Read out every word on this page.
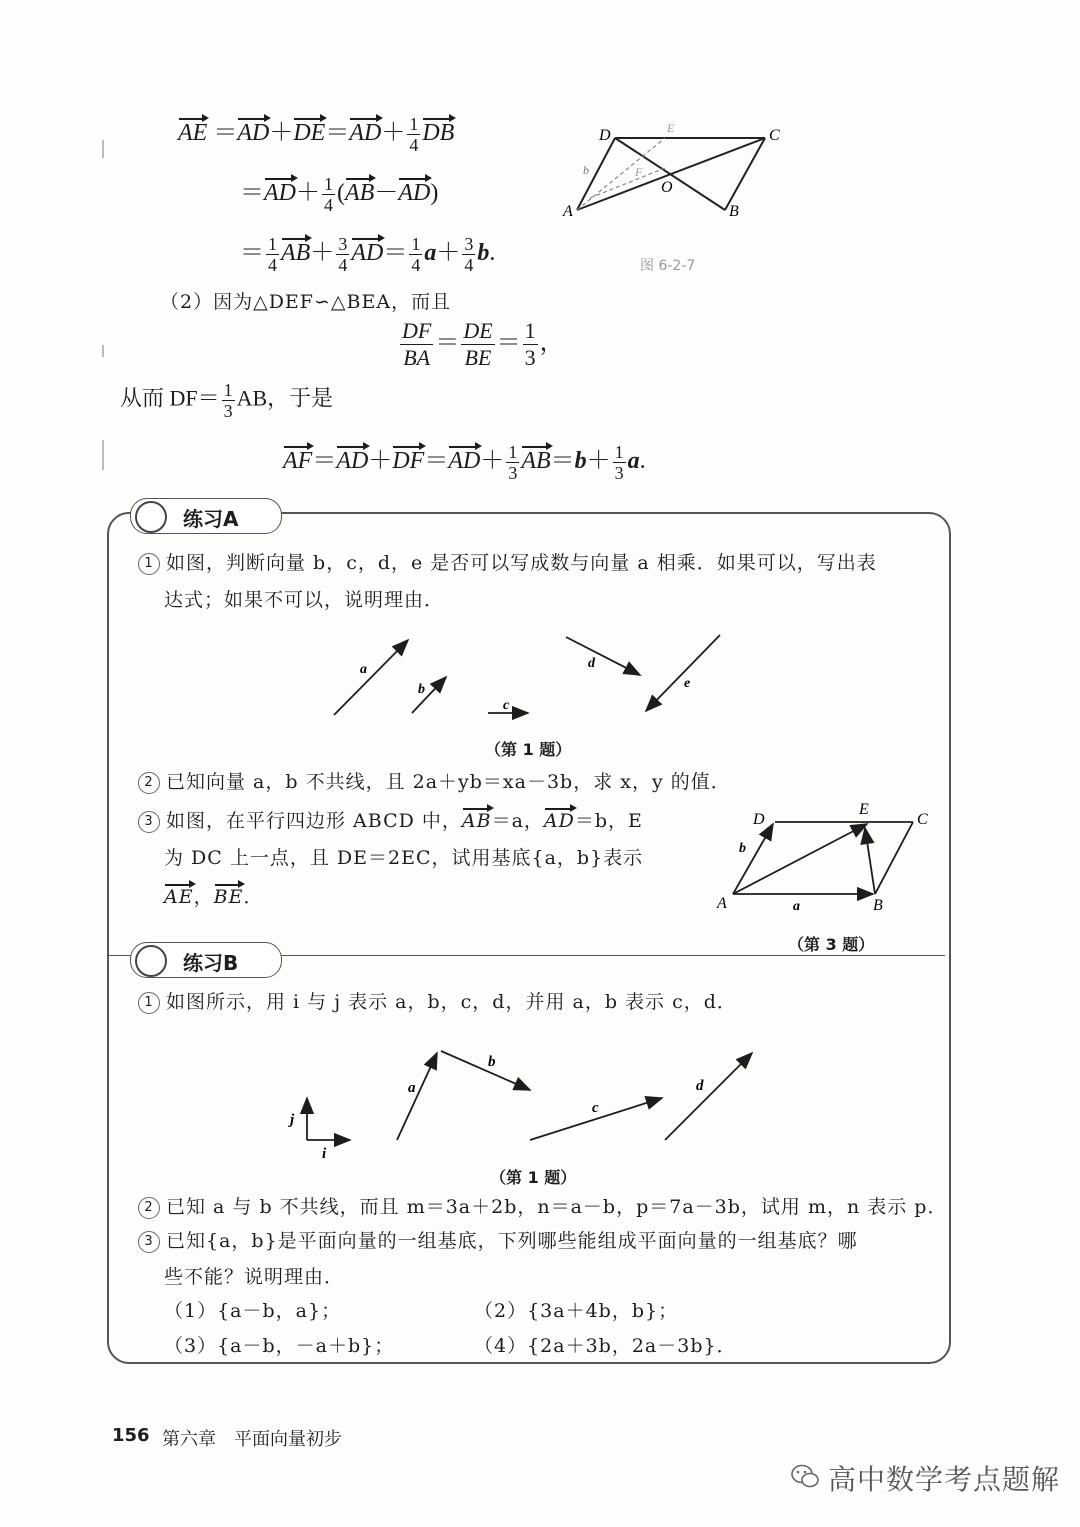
AE $=AD+DE=AD+ \frac{1}{4}$ DB
$=AD+ \frac{1}{4} (AB-AD)$
＝ $\frac{1}{4} AB+ \frac{3}{4} AD= \frac{1}{4} a+ \frac{3}{4} b$.
（2）因为△DEF∽△BEA，而且
$\frac{DF}{BA} = \frac{DE}{BE} = \frac{1}{3}$ ，
从而 $DF= \frac{1}{3}$ AB，于是
$AF=AD+DF=AD+ \frac{1}{3} AB=b+ \frac{1}{3} a$.
D	C
A	B
O
b
E
F
图 6-2-7
练习A
1 如图，判断向量 b，c，d，e 是否可以写成数与向量 a 相乘．如果可以，写出表
达式；如果不可以，说明理由．
a
b
c
d
e
（第 1 题）
2 已知向量 a，b 不共线，且 2a＋yb＝xa－3b，求 x，y 的值．
3 如图，在平行四边形 ABCD 中，AB＝a，AD＝b，E
为 DC 上一点，且 DE＝2EC，试用基底{a，b}表示
AE，BE．	A	B
C
D
E
a
b
（第 3 题）
练习B
1 如图所示，用 i 与 j 表示 a，b，c，d，并用 a，b 表示 c，d．
i
j
a
b
c
d
（第 1 题）
2 已知 a 与 b 不共线，而且 m＝3a＋2b，n＝a－b，p＝7a－3b，试用 m，n 表示 p．
3 已知{a，b}是平面向量的一组基底，下列哪些能组成平面向量的一组基底？哪
些不能？说明理由．
（1）{a－b，a}；	（2）{3a＋4b，b}；
（3）{a－b，－a＋b}；	（4）{2a＋3b，2a－3b}．
156 第六章　平面向量初步
高中数学考点题解
